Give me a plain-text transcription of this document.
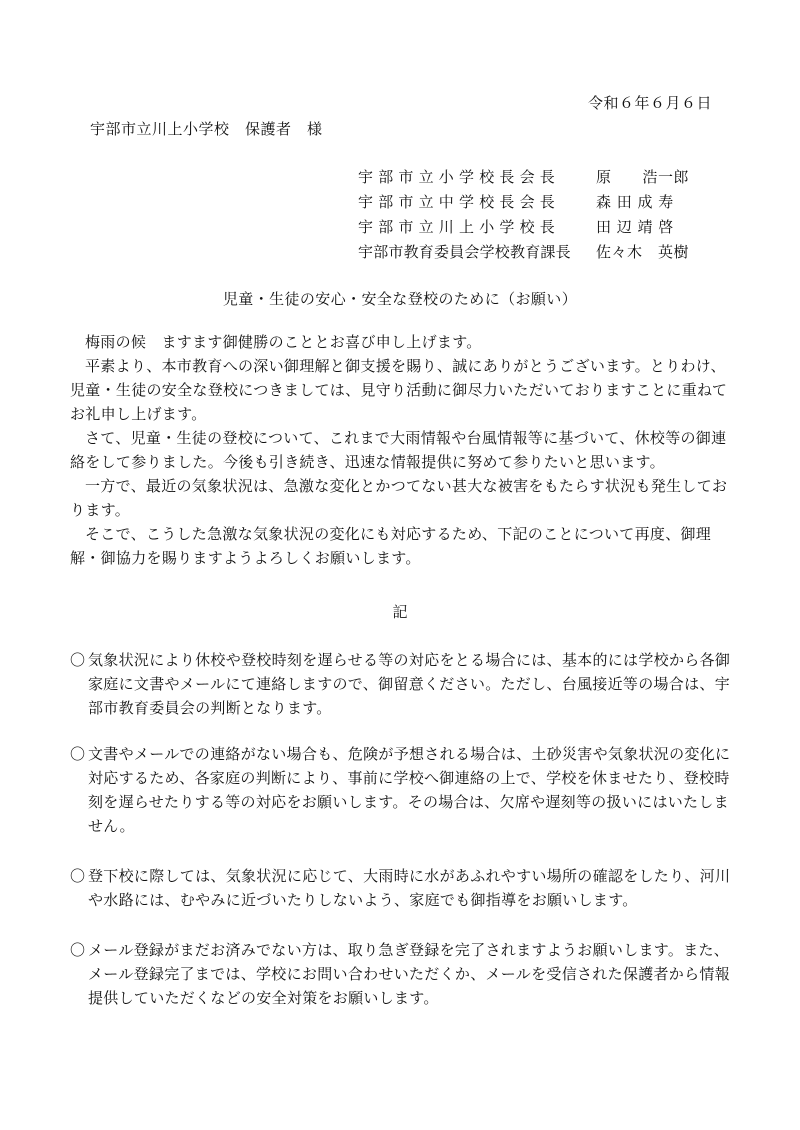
令和６年６月６日
宇部市立川上小学校　保護者　様
宇部市立小学校長会長	原　　浩一郎
宇部市立中学校長会長	森 田 成 寿
宇部市立川上小学校長	田 辺 靖 啓
宇部市教育委員会学校教育課長	佐々木　英樹
児童・生徒の安心・安全な登校のために（お願い）

梅雨の候　ますます御健勝のこととお喜び申し上げます。

平素より、本市教育への深い御理解と御支援を賜り、誠にありがとうございます。とりわけ、児童・生徒の安全な登校につきましては、見守り活動に御尽力いただいておりますことに重ねてお礼申し上げます。

さて、児童・生徒の登校について、これまで大雨情報や台風情報等に基づいて、休校等の御連絡をして参りました。今後も引き続き、迅速な情報提供に努めて参りたいと思います。

一方で、最近の気象状況は、急激な変化とかつてない甚大な被害をもたらす状況も発生しております。

そこで、こうした急激な気象状況の変化にも対応するため、下記のことについて再度、御理解・御協力を賜りますようよろしくお願いします。

記
〇 気象状況により休校や登校時刻を遅らせる等の対応をとる場合には、基本的には学校から各御家庭に文書やメールにて連絡しますので、御留意ください。ただし、台風接近等の場合は、宇部市教育委員会の判断となります。
〇 文書やメールでの連絡がない場合も、危険が予想される場合は、土砂災害や気象状況の変化に対応するため、各家庭の判断により、事前に学校へ御連絡の上で、学校を休ませたり、登校時刻を遅らせたりする等の対応をお願いします。その場合は、欠席や遅刻等の扱いにはいたしません。
〇 登下校に際しては、気象状況に応じて、大雨時に水があふれやすい場所の確認をしたり、河川や水路には、むやみに近づいたりしないよう、家庭でも御指導をお願いします。
〇 メール登録がまだお済みでない方は、取り急ぎ登録を完了されますようお願いします。また、メール登録完了までは、学校にお問い合わせいただくか、メールを受信された保護者から情報提供していただくなどの安全対策をお願いします。
